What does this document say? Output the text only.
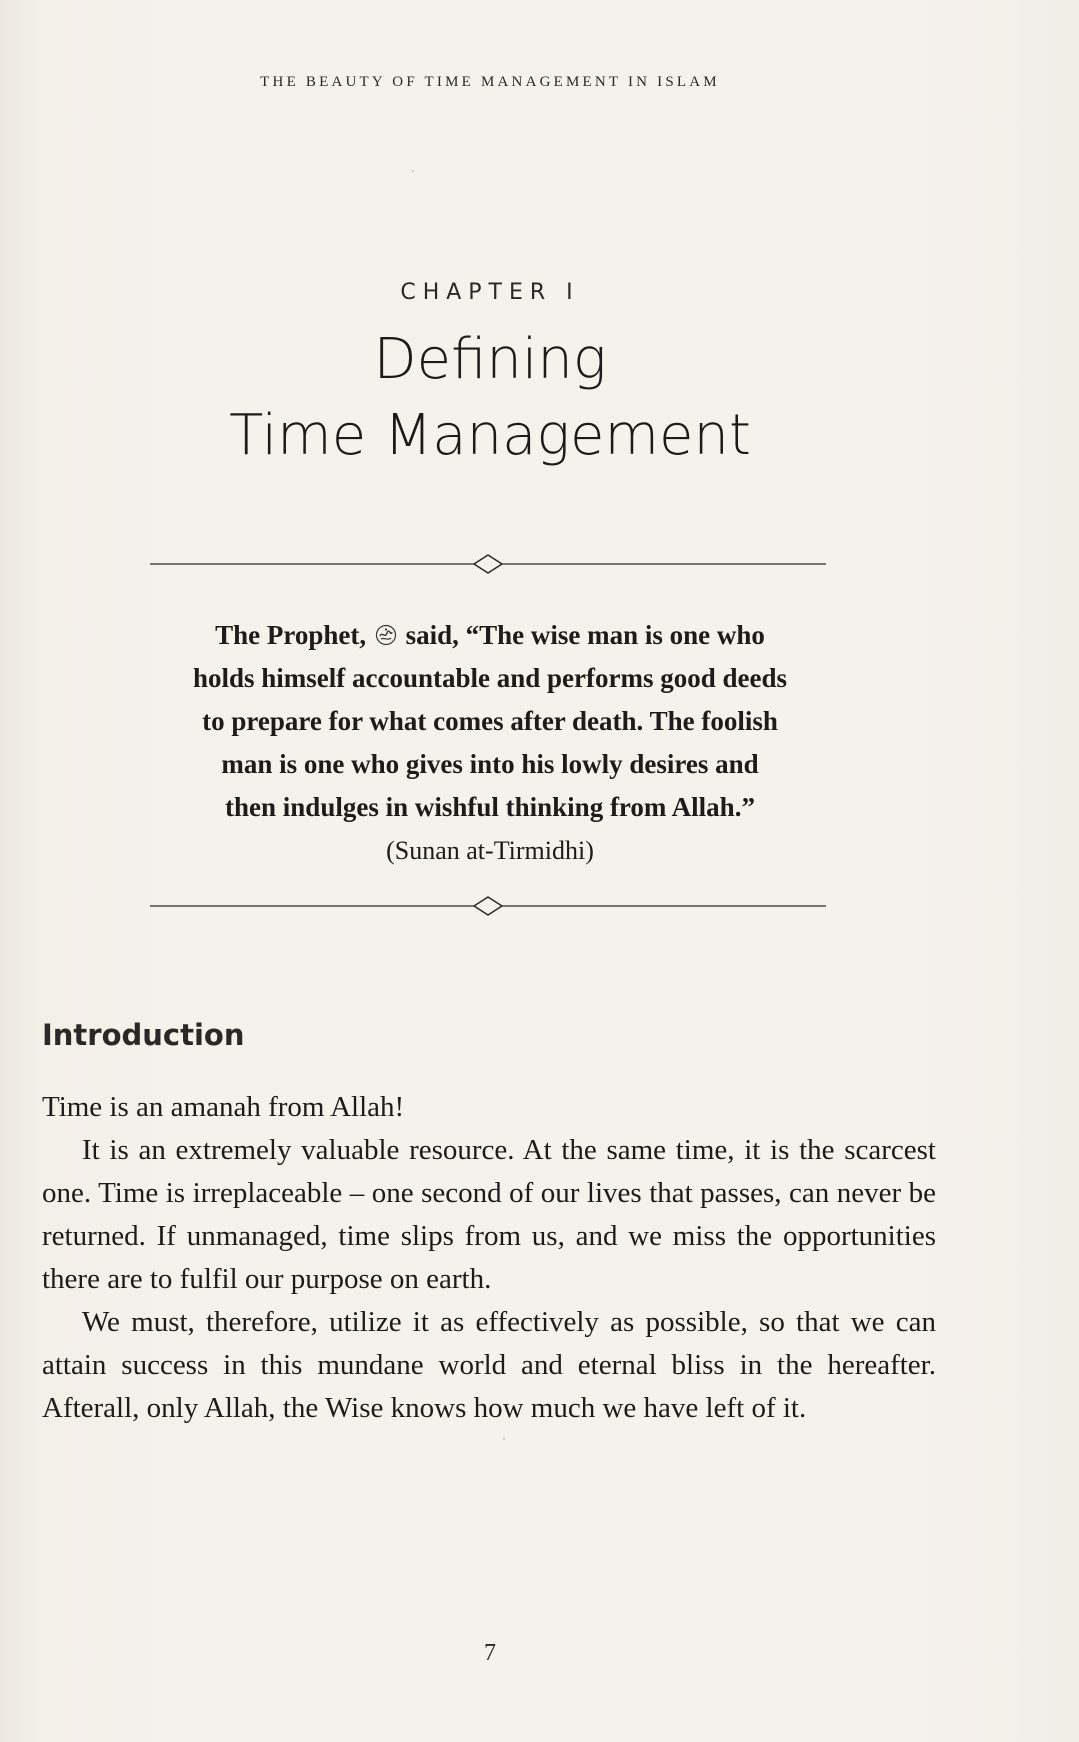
THE BEAUTY OF TIME MANAGEMENT IN ISLAM
CHAPTER I
Defining
Time Management
The Prophet, said, “The wise man is one who
holds himself accountable and performs good deeds
to prepare for what comes after death. The foolish
man is one who gives into his lowly desires and
then indulges in wishful thinking from Allah.”
(Sunan at-Tirmidhi)
Introduction

Time is an amanah from Allah!

It is an extremely valuable resource. At the same time, it is the scarcest one. Time is irreplaceable – one second of our lives that passes, can never be returned. If unmanaged, time slips from us, and we miss the opportunities there are to fulfil our purpose on earth.

We must, therefore, utilize it as effectively as possible, so that we can attain success in this mundane world and eternal bliss in the hereafter. Afterall, only Allah, the Wise knows how much we have left of it.

7
